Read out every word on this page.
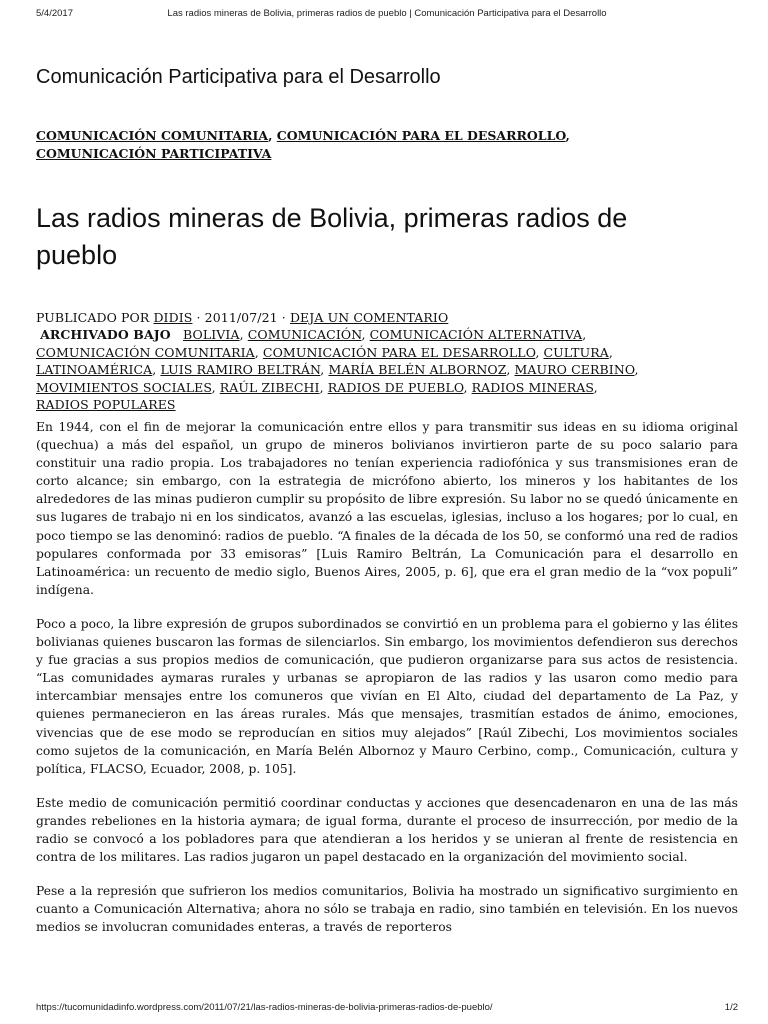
5/4/2017	Las radios mineras de Bolivia, primeras radios de pueblo | Comunicación Participativa para el Desarrollo
Comunicación Participativa para el Desarrollo
COMUNICACIÓN COMUNITARIA, COMUNICACIÓN PARA EL DESARROLLO,
COMUNICACIÓN PARTICIPATIVA
Las radios mineras de Bolivia, primeras radios de pueblo
PUBLICADO POR DIDIS · 2011/07/21 · DEJA UN COMENTARIO
ARCHIVADO BAJO BOLIVIA, COMUNICACIÓN, COMUNICACIÓN ALTERNATIVA,
COMUNICACIÓN COMUNITARIA, COMUNICACIÓN PARA EL DESARROLLO, CULTURA,
LATINOAMÉRICA, LUIS RAMIRO BELTRÁN, MARÍA BELÉN ALBORNOZ, MAURO CERBINO,
MOVIMIENTOS SOCIALES, RAÚL ZIBECHI, RADIOS DE PUEBLO, RADIOS MINERAS,
RADIOS POPULARES

En 1944, con el fin de mejorar la comunicación entre ellos y para transmitir sus ideas en su idioma original (quechua) a más del español, un grupo de mineros bolivianos invirtieron parte de su poco salario para constituir una radio propia. Los trabajadores no tenían experiencia radiofónica y sus transmisiones eran de corto alcance; sin embargo, con la estrategia de micrófono abierto, los mineros y los habitantes de los alrededores de las minas pudieron cumplir su propósito de libre expresión. Su labor no se quedó únicamente en sus lugares de trabajo ni en los sindicatos, avanzó a las escuelas, iglesias, incluso a los hogares; por lo cual, en poco tiempo se las denominó: radios de pueblo. “A finales de la década de los 50, se conformó una red de radios populares conformada por 33 emisoras” [Luis Ramiro Beltrán, La Comunicación para el desarrollo en Latinoamérica: un recuento de medio siglo, Buenos Aires, 2005, p. 6], que era el gran medio de la “vox populi” indígena.

Poco a poco, la libre expresión de grupos subordinados se convirtió en un problema para el gobierno y las élites bolivianas quienes buscaron las formas de silenciarlos. Sin embargo, los movimientos defendieron sus derechos y fue gracias a sus propios medios de comunicación, que pudieron organizarse para sus actos de resistencia. “Las comunidades aymaras rurales y urbanas se apropiaron de las radios y las usaron como medio para intercambiar mensajes entre los comuneros que vivían en El Alto, ciudad del departamento de La Paz, y quienes permanecieron en las áreas rurales. Más que mensajes, trasmitían estados de ánimo, emociones, vivencias que de ese modo se reproducían en sitios muy alejados” [Raúl Zibechi, Los movimientos sociales como sujetos de la comunicación, en María Belén Albornoz y Mauro Cerbino, comp., Comunicación, cultura y política, FLACSO, Ecuador, 2008, p. 105].

Este medio de comunicación permitió coordinar conductas y acciones que desencadenaron en una de las más grandes rebeliones en la historia aymara; de igual forma, durante el proceso de insurrección, por medio de la radio se convocó a los pobladores para que atendieran a los heridos y se unieran al frente de resistencia en contra de los militares. Las radios jugaron un papel destacado en la organización del movimiento social.

Pese a la represión que sufrieron los medios comunitarios, Bolivia ha mostrado un significativo surgimiento en cuanto a Comunicación Alternativa; ahora no sólo se trabaja en radio, sino también en televisión. En los nuevos medios se involucran comunidades enteras, a través de reporteros

https://tucomunidadinfo.wordpress.com/2011/07/21/las-radios-mineras-de-bolivia-primeras-radios-de-pueblo/	1/2
